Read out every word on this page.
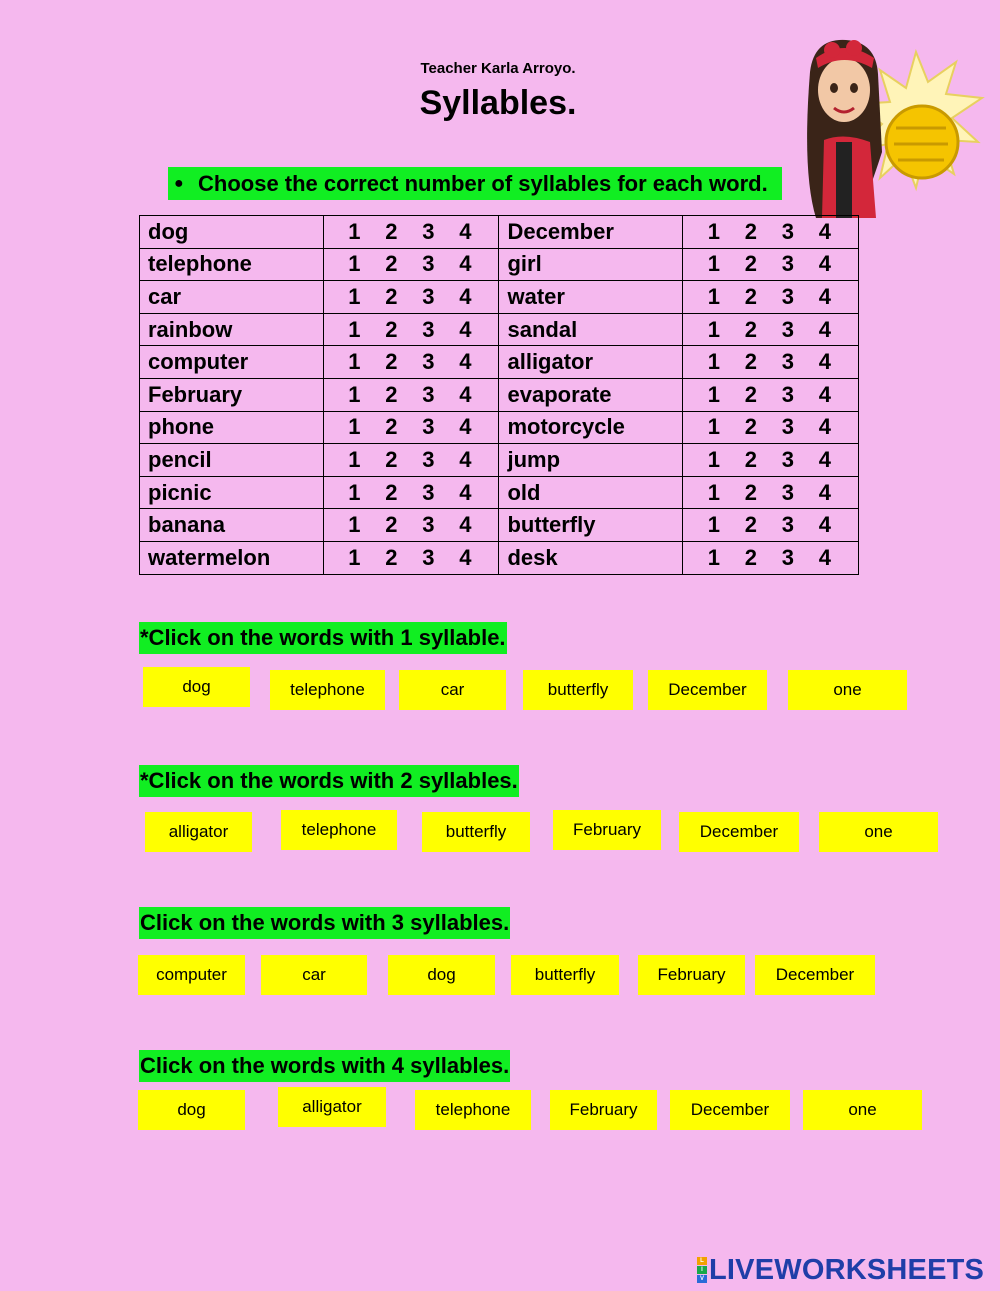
Teacher Karla Arroyo.
Syllables.
● Choose the correct number of syllables for each word.
dog	1 2 3 4	December	1 2 3 4
telephone	1 2 3 4	girl	1 2 3 4
car	1 2 3 4	water	1 2 3 4
rainbow	1 2 3 4	sandal	1 2 3 4
computer	1 2 3 4	alligator	1 2 3 4
February	1 2 3 4	evaporate	1 2 3 4
phone	1 2 3 4	motorcycle	1 2 3 4
pencil	1 2 3 4	jump	1 2 3 4
picnic	1 2 3 4	old	1 2 3 4
banana	1 2 3 4	butterfly	1 2 3 4
watermelon	1 2 3 4	desk	1 2 3 4
*Click on the words with 1 syllable.
dog	telephone	car	butterfly	December	one
*Click on the words with 2 syllables.
alligator	telephone	butterfly	February	December	one
Click on the words with 3 syllables.
computer	car	dog	butterfly	February	December
Click on the words with 4 syllables.
dog	alligator	telephone	February	December	one
L
I
V LIVEWORKSHEETS
